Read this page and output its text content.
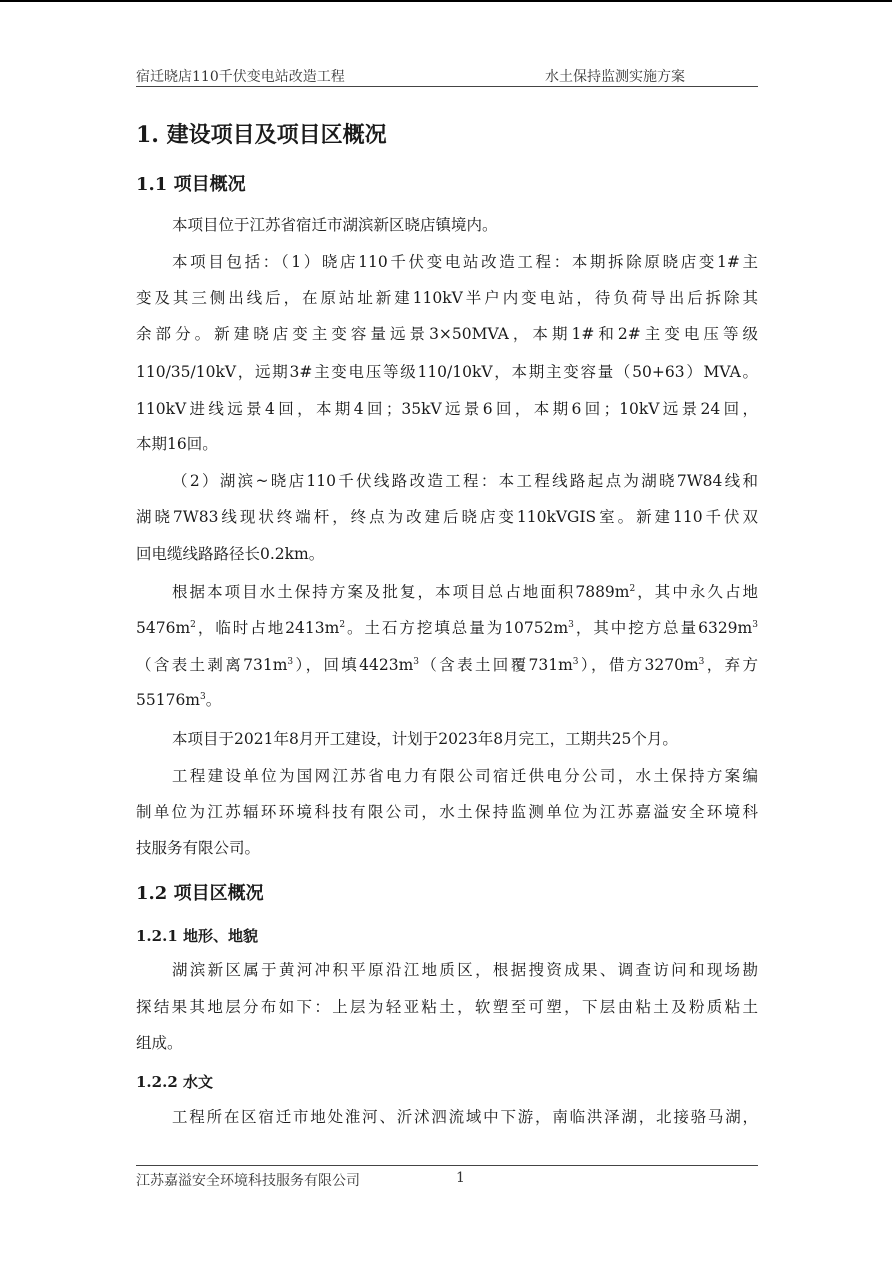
宿迁晓店110千伏变电站改造工程	水土保持监测实施方案
1. 建设项目及项目区概况
1.1 项目概况
本项目位于江苏省宿迁市湖滨新区晓店镇境内。
本项目包括：（1）晓店110千伏变电站改造工程：本期拆除原晓店变1#主
变及其三侧出线后，在原站址新建110kV半户内变电站，待负荷导出后拆除其
余部分。新建晓店变主变容量远景3×50MVA，本期1#和2#主变电压等级
110/35/10kV，远期3#主变电压等级110/10kV，本期主变容量（50+63）MVA。
110kV进线远景4回，本期4回；35kV远景6回，本期6回；10kV远景24回，
本期16回。
（2）湖滨~晓店110千伏线路改造工程：本工程线路起点为湖晓7W84线和
湖晓7W83线现状终端杆，终点为改建后晓店变110kVGIS室。新建110千伏双
回电缆线路路径长0.2km。
根据本项目水土保持方案及批复，本项目总占地面积$7889m^2$，其中永久占地
$5476m^2$，临时占地$2413m^2$。土石方挖填总量为$10752m^3$，其中挖方总量$6329m^3$
（含表土剥离$731m^3$），回填$4423m^3$（含表土回覆$731m^3$），借方$3270m^3$，弃方
$55176m^3$。
本项目于2021年8月开工建设，计划于2023年8月完工，工期共25个月。
工程建设单位为国网江苏省电力有限公司宿迁供电分公司，水土保持方案编
制单位为江苏辐环环境科技有限公司，水土保持监测单位为江苏嘉溢安全环境科
技服务有限公司。
1.2 项目区概况
1.2.1 地形、地貌
湖滨新区属于黄河冲积平原沿江地质区，根据搜资成果、调查访问和现场勘
探结果其地层分布如下：上层为轻亚粘土，软塑至可塑，下层由粘土及粉质粘土
组成。
1.2.2 水文
工程所在区宿迁市地处淮河、沂沭泗流域中下游，南临洪泽湖，北接骆马湖，
江苏嘉溢安全环境科技服务有限公司	1
